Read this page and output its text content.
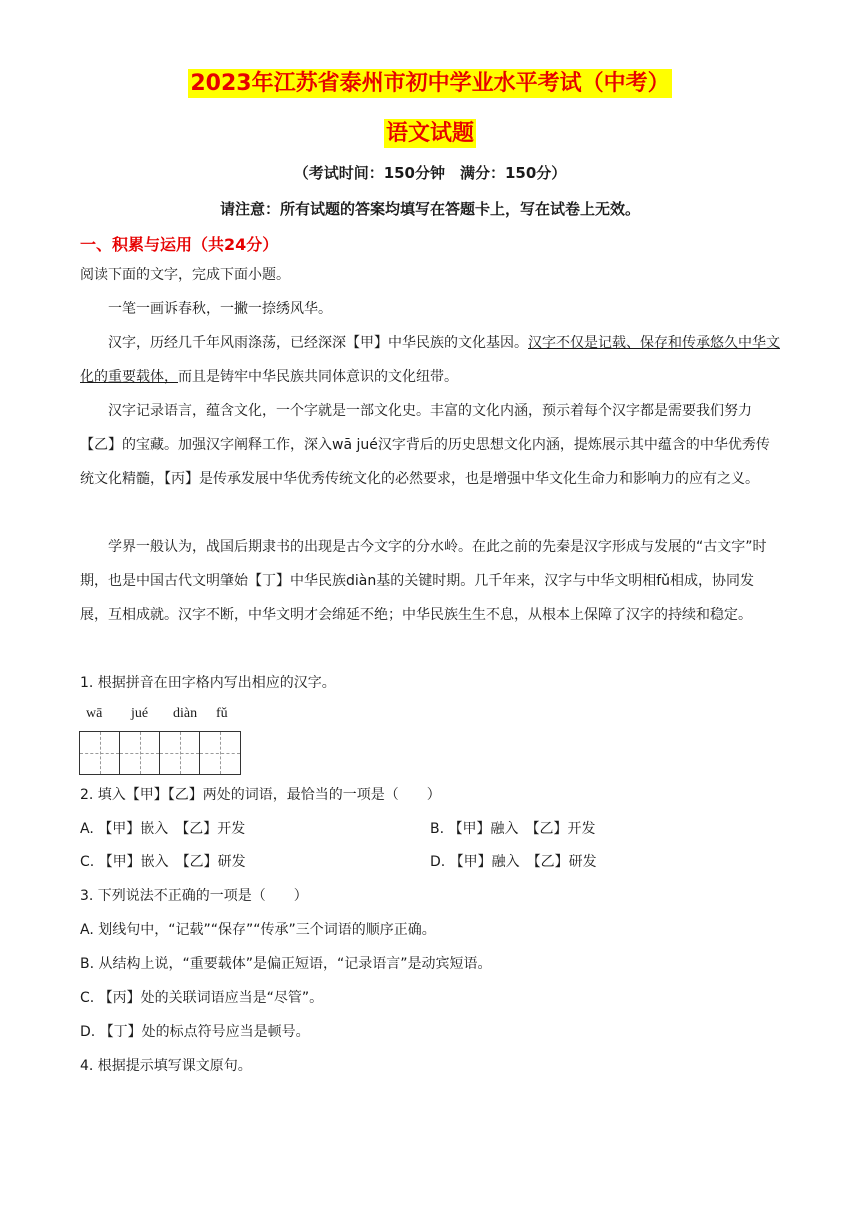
2023年江苏省泰州市初中学业水平考试（中考）
语文试题
（考试时间：150分钟　满分：150分）
请注意：所有试题的答案均填写在答题卡上，写在试卷上无效。
一、积累与运用（共24分）
阅读下面的文字，完成下面小题。
一笔一画诉春秋，一撇一捺绣风华。
汉字，历经几千年风雨涤荡，已经深深【甲】中华民族的文化基因。汉字不仅是记载、保存和传承悠久中华文化的重要载体，而且是铸牢中华民族共同体意识的文化纽带。
汉字记录语言，蕴含文化，一个字就是一部文化史。丰富的文化内涵，预示着每个汉字都是需要我们努力【乙】的宝藏。加强汉字阐释工作，深入wā jué汉字背后的历史思想文化内涵，提炼展示其中蕴含的中华优秀传统文化精髓，【丙】是传承发展中华优秀传统文化的必然要求，也是增强中华文化生命力和影响力的应有之义。
学界一般认为，战国后期隶书的出现是古今文字的分水岭。在此之前的先秦是汉字形成与发展的“古文字”时期，也是中国古代文明肇始【丁】中华民族diàn基的关键时期。几千年来，汉字与中华文明相fǔ相成，协同发展，互相成就。汉字不断，中华文明才会绵延不绝；中华民族生生不息，从根本上保障了汉字的持续和稳定。
1. 根据拼音在田字格内写出相应的汉字。
wā jué diàn fǔ
2. 填入【甲】【乙】两处的词语，最恰当的一项是（　　）
A. 【甲】嵌入　【乙】开发	B. 【甲】融入　【乙】开发
C. 【甲】嵌入　【乙】研发	D. 【甲】融入　【乙】研发
3. 下列说法不正确的一项是（　　）
A. 划线句中，“记载”“保存”“传承”三个词语的顺序正确。
B. 从结构上说，“重要载体”是偏正短语，“记录语言”是动宾短语。
C. 【丙】处的关联词语应当是“尽管”。
D. 【丁】处的标点符号应当是顿号。
4. 根据提示填写课文原句。
